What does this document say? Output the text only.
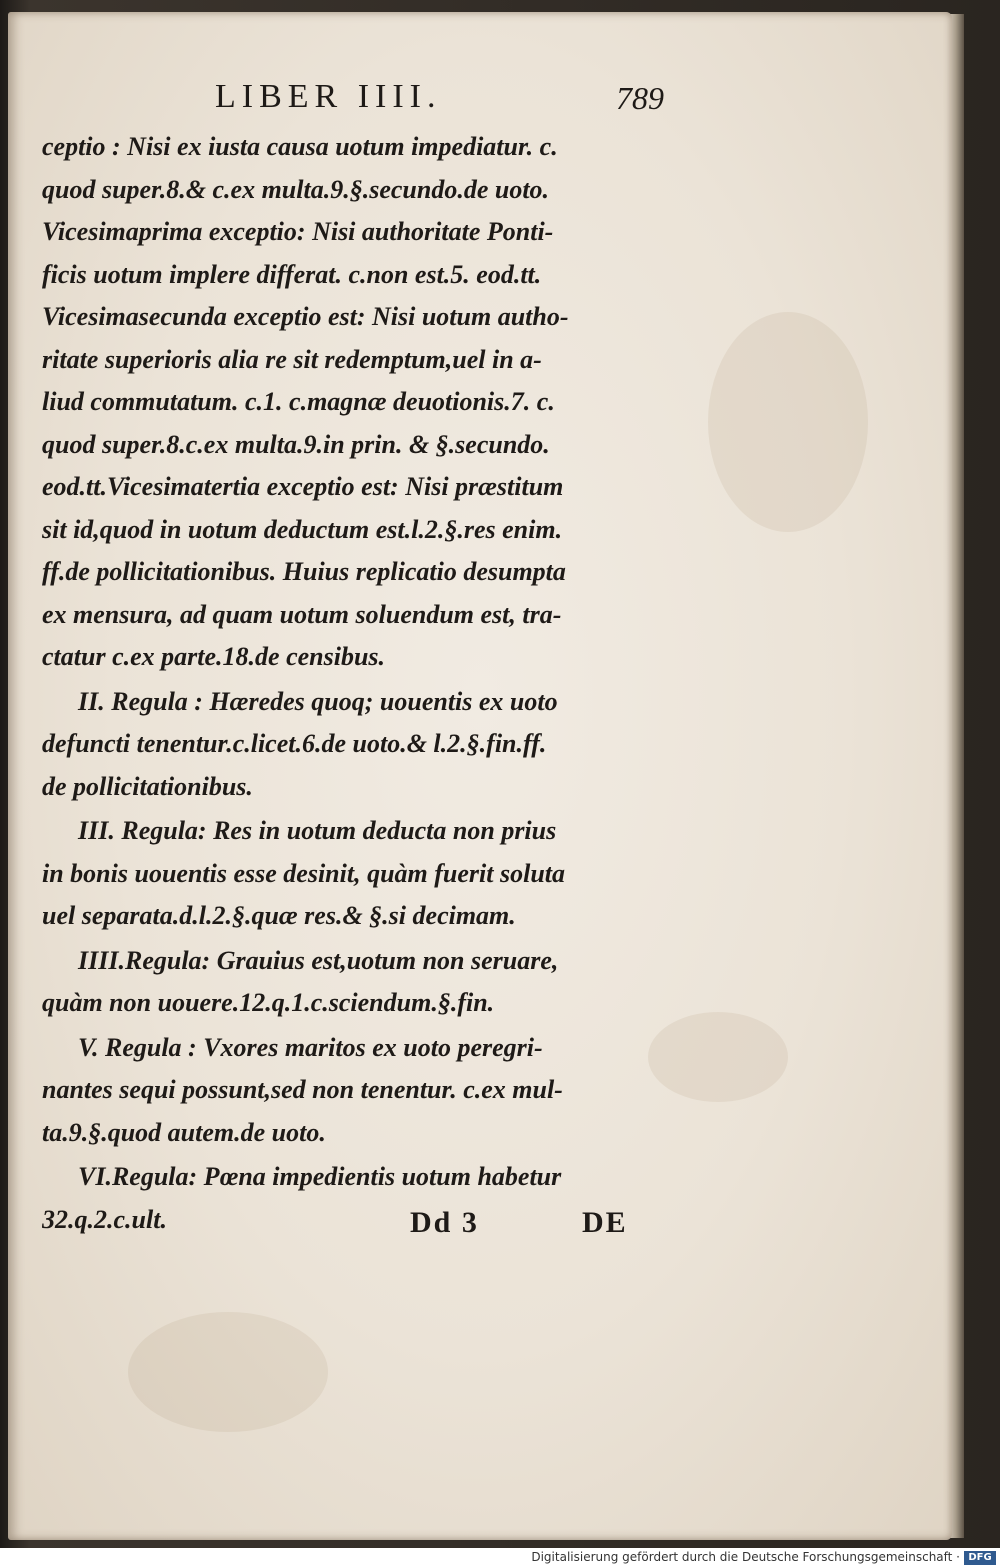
LIBER IIII.	789
ceptio : Nisi ex iusta causa uotum impediatur. c.
quod super.8.& c.ex multa.9.§.secundo.de uoto.
Vicesimaprima exceptio: Nisi authoritate Ponti-
ficis uotum implere differat. c.non est.5. eod.tt.
Vicesimasecunda exceptio est: Nisi uotum autho-
ritate superioris alia re sit redemptum,uel in a-
liud commutatum. c.1. c.magnæ deuotionis.7. c.
quod super.8.c.ex multa.9.in prin. & §.secundo.
eod.tt.Vicesimatertia exceptio est: Nisi præstitum
sit id,quod in uotum deductum est.l.2.§.res enim.
ff.de pollicitationibus. Huius replicatio desumpta
ex mensura, ad quam uotum soluendum est, tra-
ctatur c.ex parte.18.de censibus.
II. Regula : Hæredes quoq; uouentis ex uoto
defuncti tenentur.c.licet.6.de uoto.& l.2.§.fin.ff.
de pollicitationibus.
III. Regula: Res in uotum deducta non prius
in bonis uouentis esse desinit, quàm fuerit soluta
uel separata.d.l.2.§.quæ res.& §.si decimam.
IIII.Regula: Grauius est,uotum non seruare,
quàm non uouere.12.q.1.c.sciendum.§.fin.
V. Regula : Vxores maritos ex uoto peregri-
nantes sequi possunt,sed non tenentur. c.ex mul-
ta.9.§.quod autem.de uoto.
VI.Regula: Pœna impedientis uotum habetur
32.q.2.c.ult.	Dd 3	DE
Digitalisierung gefördert durch die Deutsche Forschungsgemeinschaft · DFG
